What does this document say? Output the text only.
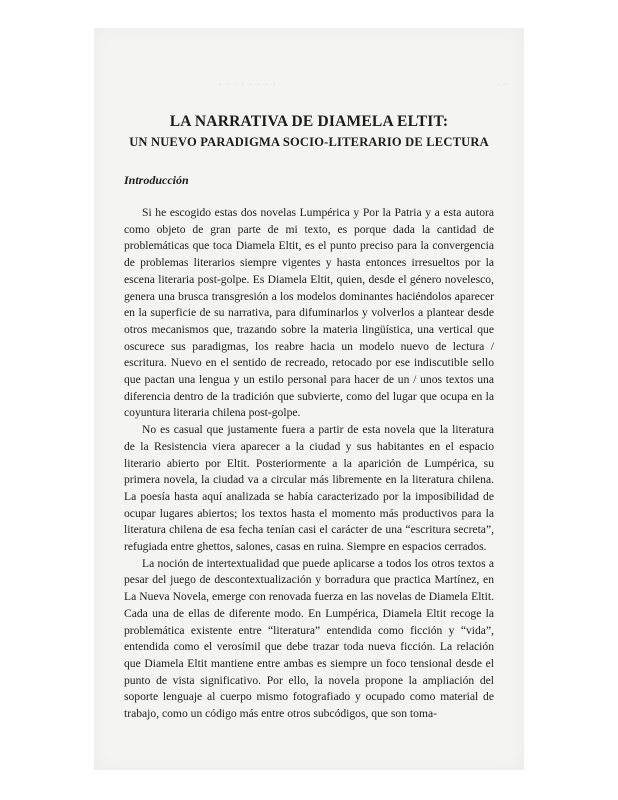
· · · · · · · ·	· ·
LA NARRATIVA DE DIAMELA ELTIT:
UN NUEVO PARADIGMA SOCIO-LITERARIO DE LECTURA
Introducción

Si he escogido estas dos novelas Lumpérica y Por la Patria y a esta autora como objeto de gran parte de mi texto, es porque dada la cantidad de problemáticas que toca Diamela Eltit, es el punto preciso para la convergencia de problemas literarios siempre vigentes y hasta entonces irresueltos por la escena literaria post-golpe. Es Diamela Eltit, quien, desde el género novelesco, genera una brusca transgresión a los modelos dominantes haciéndolos aparecer en la superficie de su narrativa, para difuminarlos y volverlos a plantear desde otros mecanismos que, trazando sobre la materia lingüística, una vertical que oscurece sus paradigmas, los reabre hacia un modelo nuevo de lectura / escritura. Nuevo en el sentido de recreado, retocado por ese indiscutible sello que pactan una lengua y un estilo personal para hacer de un / unos textos una diferencia dentro de la tradición que subvierte, como del lugar que ocupa en la coyuntura literaria chilena post-golpe.

No es casual que justamente fuera a partir de esta novela que la literatura de la Resistencia viera aparecer a la ciudad y sus habitantes en el espacio literario abierto por Eltit. Posteriormente a la aparición de Lumpérica, su primera novela, la ciudad va a circular más libremente en la literatura chilena. La poesía hasta aquí analizada se había caracterizado por la imposibilidad de ocupar lugares abiertos; los textos hasta el momento más productivos para la literatura chilena de esa fecha tenían casi el carácter de una “escritura secreta”, refugiada entre ghettos, salones, casas en ruina. Siempre en espacios cerrados.

La noción de intertextualidad que puede aplicarse a todos los otros textos a pesar del juego de descontextualización y borradura que practica Martínez, en La Nueva Novela, emerge con renovada fuerza en las novelas de Diamela Eltit. Cada una de ellas de diferente modo. En Lumpérica, Diamela Eltit recoge la problemática existente entre “literatura” entendida como ficción y “vida”, entendida como el verosímil que debe trazar toda nueva ficción. La relación que Diamela Eltit mantiene entre ambas es siempre un foco tensional desde el punto de vista significativo. Por ello, la novela propone la ampliación del soporte lenguaje al cuerpo mismo fotografiado y ocupado como material de trabajo, como un código más entre otros subcódigos, que son toma-
